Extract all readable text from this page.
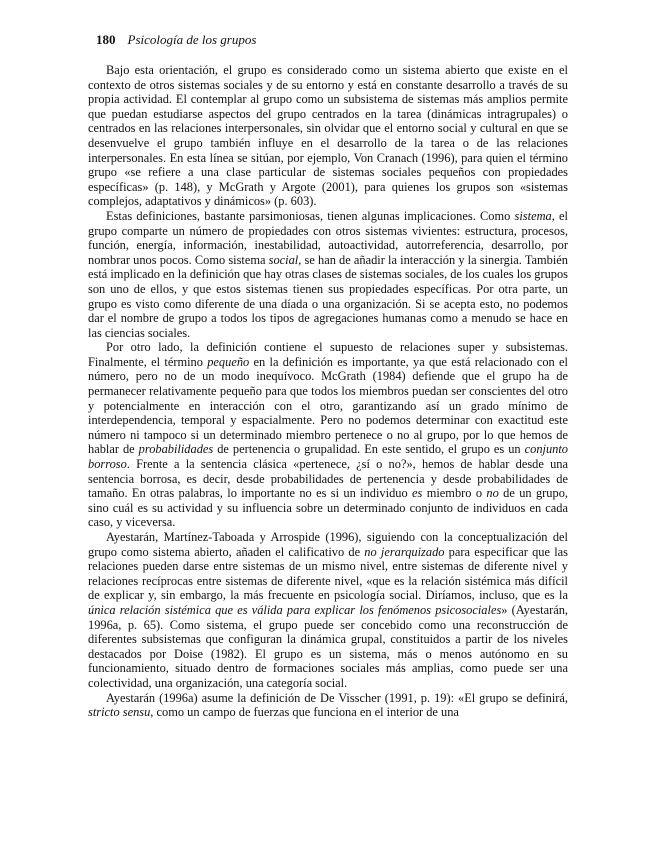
180 Psicología de los grupos

Bajo esta orientación, el grupo es considerado como un sistema abierto que existe en el contexto de otros sistemas sociales y de su entorno y está en constante desarrollo a través de su propia actividad. El contemplar al grupo como un subsistema de sistemas más amplios permite que puedan estudiarse aspectos del grupo centrados en la tarea (dinámicas intragrupales) o centrados en las relaciones interpersonales, sin olvidar que el entorno social y cultural en que se desenvuelve el grupo también influye en el desarrollo de la tarea o de las relaciones interpersonales. En esta línea se sitúan, por ejemplo, Von Cranach (1996), para quien el término grupo «se refiere a una clase particular de sistemas sociales pequeños con propiedades específicas» (p. 148), y McGrath y Argote (2001), para quienes los grupos son «sistemas complejos, adaptativos y dinámicos» (p. 603).

Estas definiciones, bastante parsimoniosas, tienen algunas implicaciones. Como sistema, el grupo comparte un número de propiedades con otros sistemas vivientes: estructura, procesos, función, energía, información, inestabilidad, autoactividad, autorreferencia, desarrollo, por nombrar unos pocos. Como sistema social, se han de añadir la interacción y la sinergia. También está implicado en la definición que hay otras clases de sistemas sociales, de los cuales los grupos son uno de ellos, y que estos sistemas tienen sus propiedades específicas. Por otra parte, un grupo es visto como diferente de una díada o una organización. Si se acepta esto, no podemos dar el nombre de grupo a todos los tipos de agregaciones humanas como a menudo se hace en las ciencias sociales.

Por otro lado, la definición contiene el supuesto de relaciones super y subsistemas. Finalmente, el término pequeño en la definición es importante, ya que está relacionado con el número, pero no de un modo inequívoco. McGrath (1984) defiende que el grupo ha de permanecer relativamente pequeño para que todos los miembros puedan ser conscientes del otro y potencialmente en interacción con el otro, garantizando así un grado mínimo de interdependencia, temporal y espacialmente. Pero no podemos determinar con exactitud este número ni tampoco si un determinado miembro pertenece o no al grupo, por lo que hemos de hablar de probabilidades de pertenencia o grupalidad. En este sentido, el grupo es un conjunto borroso. Frente a la sentencia clásica «pertenece, ¿sí o no?», hemos de hablar desde una sentencia borrosa, es decir, desde probabilidades de pertenencia y desde probabilidades de tamaño. En otras palabras, lo importante no es si un individuo es miembro o no de un grupo, sino cuál es su actividad y su influencia sobre un determinado conjunto de individuos en cada caso, y viceversa.

Ayestarán, Martínez-Taboada y Arrospide (1996), siguiendo con la conceptualización del grupo como sistema abierto, añaden el calificativo de no jerarquizado para especificar que las relaciones pueden darse entre sistemas de un mismo nivel, entre sistemas de diferente nivel y relaciones recíprocas entre sistemas de diferente nivel, «que es la relación sistémica más difícil de explicar y, sin embargo, la más frecuente en psicología social. Diríamos, incluso, que es la única relación sistémica que es válida para explicar los fenómenos psicosociales» (Ayestarán, 1996a, p. 65). Como sistema, el grupo puede ser concebido como una reconstrucción de diferentes subsistemas que configuran la dinámica grupal, constituidos a partir de los niveles destacados por Doise (1982). El grupo es un sistema, más o menos autónomo en su funcionamiento, situado dentro de formaciones sociales más amplias, como puede ser una colectividad, una organización, una categoría social.

Ayestarán (1996a) asume la definición de De Visscher (1991, p. 19): «El grupo se definirá, stricto sensu, como un campo de fuerzas que funciona en el interior de una
